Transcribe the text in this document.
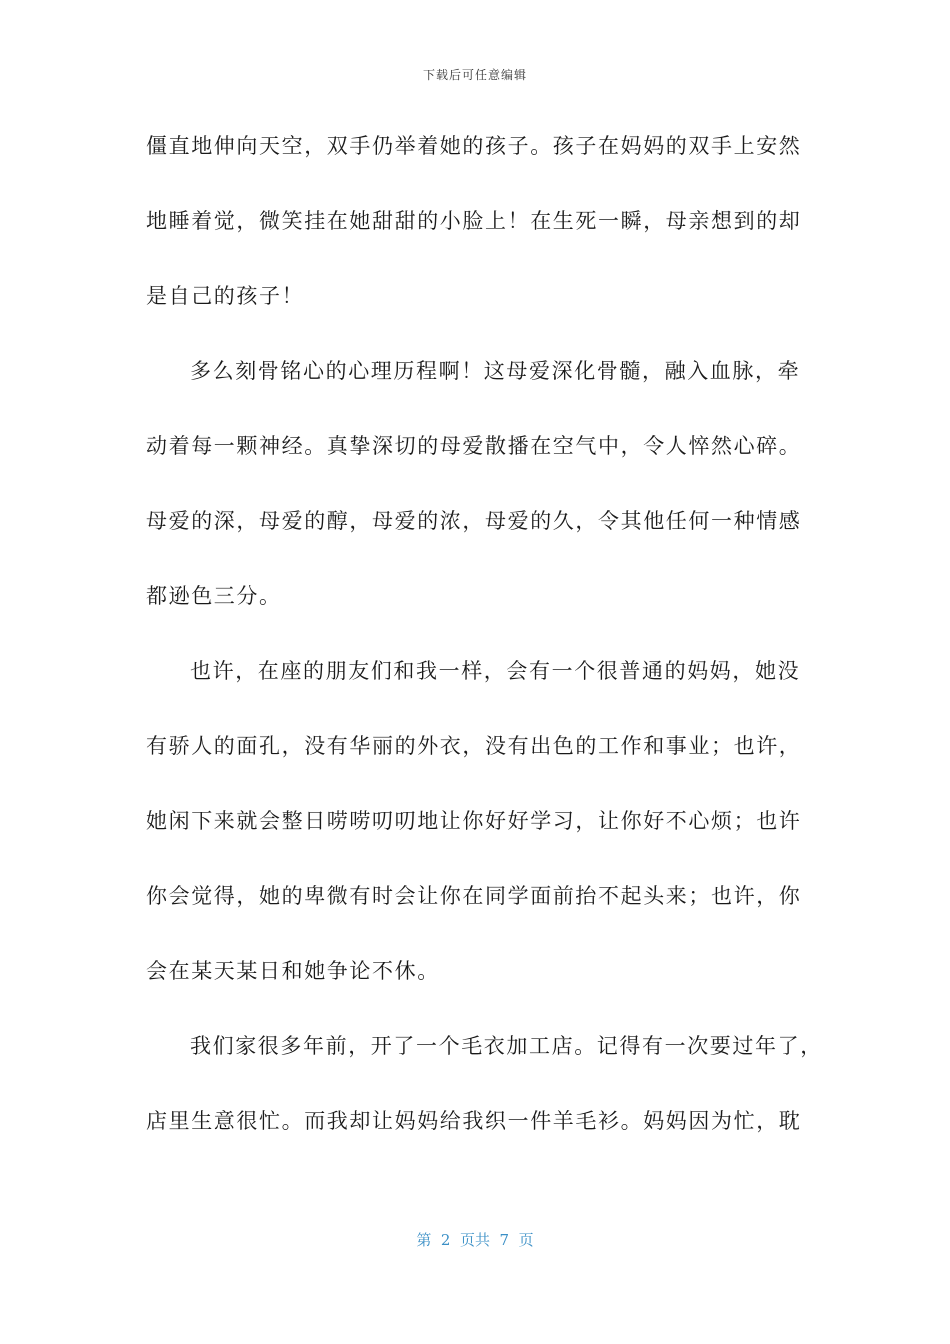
下载后可任意编辑
僵直地伸向天空，双手仍举着她的孩子。孩子在妈妈的双手上安然
地睡着觉，微笑挂在她甜甜的小脸上！在生死一瞬，母亲想到的却
是自己的孩子！
多么刻骨铭心的心理历程啊！这母爱深化骨髓，融入血脉，牵
动着每一颗神经。真挚深切的母爱散播在空气中，令人悴然心碎。
母爱的深，母爱的醇，母爱的浓，母爱的久，令其他任何一种情感
都逊色三分。
也许，在座的朋友们和我一样，会有一个很普通的妈妈，她没
有骄人的面孔，没有华丽的外衣，没有出色的工作和事业；也许，
她闲下来就会整日唠唠叨叨地让你好好学习，让你好不心烦；也许
你会觉得，她的卑微有时会让你在同学面前抬不起头来；也许，你
会在某天某日和她争论不休。
我们家很多年前，开了一个毛衣加工店。记得有一次要过年了，
店里生意很忙。而我却让妈妈给我织一件羊毛衫。妈妈因为忙，耽
第  2  页共  7  页
